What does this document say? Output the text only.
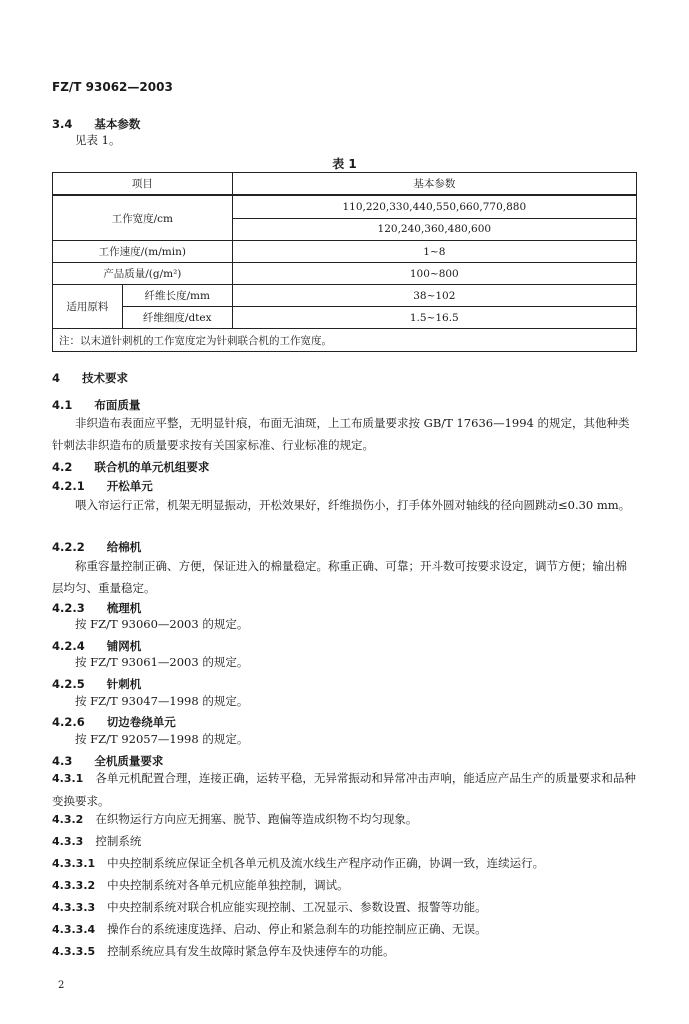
FZ/T 93062—2003
3.4 基本参数
见表 1。
表 1
项目	基本参数
工作宽度/cm		110,220,330,440,550,660,770,880
		120,240,360,480,600
工作速度/(m/min)		1~8
产品质量/(g/m²)		100~800
适用原料	纤维长度/mm	38~102
	纤维细度/dtex	1.5~16.5
注：以末道针刺机的工作宽度定为针刺联合机的工作宽度。		
4 技术要求
4.1 布面质量
非织造布表面应平整，无明显针痕，布面无油斑，上工布质量要求按 GB/T 17636—1994 的规定，其他种类针刺法非织造布的质量要求按有关国家标准、行业标准的规定。
4.2 联合机的单元机组要求
4.2.1 开松单元
喂入帘运行正常，机架无明显振动，开松效果好，纤维损伤小，打手体外圆对轴线的径向圆跳动≤0.30 mm。
4.2.2 给棉机
称重容量控制正确、方便，保证进入的棉量稳定。称重正确、可靠；开斗数可按要求设定，调节方便；输出棉层均匀、重量稳定。
4.2.3 梳理机
按 FZ/T 93060—2003 的规定。
4.2.4 铺网机
按 FZ/T 93061—2003 的规定。
4.2.5 针刺机
按 FZ/T 93047—1998 的规定。
4.2.6 切边卷绕单元
按 FZ/T 92057—1998 的规定。
4.3 全机质量要求
4.3.1 各单元机配置合理，连接正确，运转平稳，无异常振动和异常冲击声响，能适应产品生产的质量要求和品种变换要求。
4.3.2 在织物运行方向应无拥塞、脱节、跑偏等造成织物不均匀现象。
4.3.3 控制系统
4.3.3.1 中央控制系统应保证全机各单元机及流水线生产程序动作正确，协调一致，连续运行。
4.3.3.2 中央控制系统对各单元机应能单独控制，调试。
4.3.3.3 中央控制系统对联合机应能实现控制、工况显示、参数设置、报警等功能。
4.3.3.4 操作台的系统速度选择、启动、停止和紧急刹车的功能控制应正确、无误。
4.3.3.5 控制系统应具有发生故障时紧急停车及快速停车的功能。
2
